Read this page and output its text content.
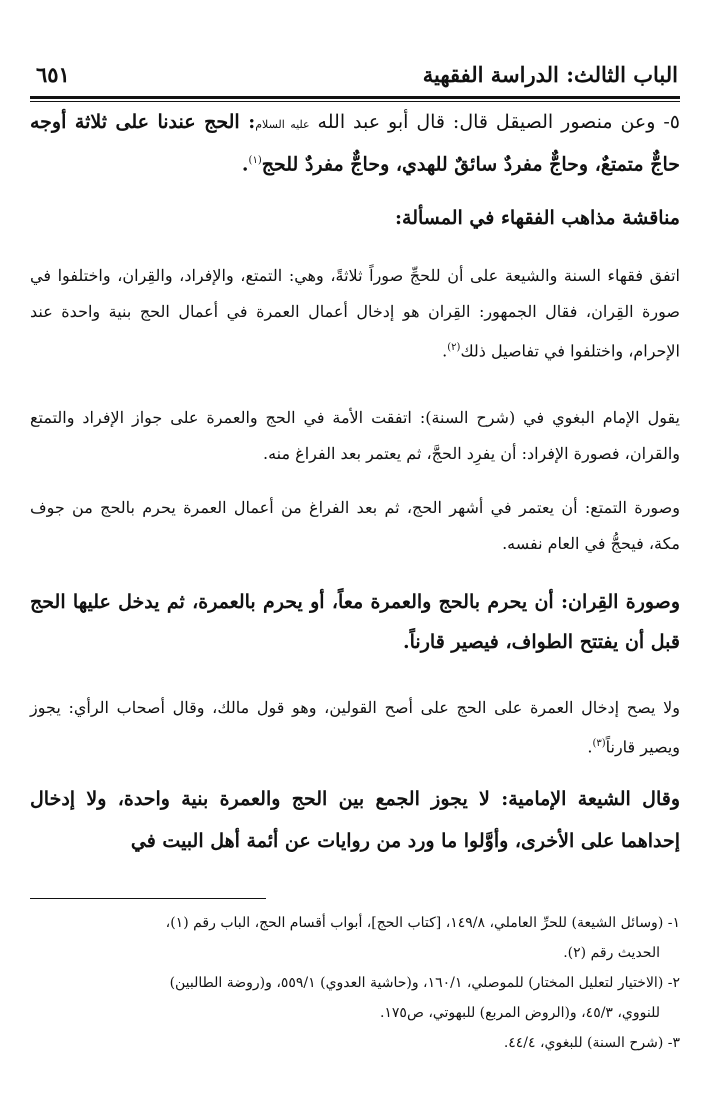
الباب الثالث: الدراسة الفقهية
٦٥١

٥- وعن منصور الصيقل قال: قال أبو عبد الله عليه السلام: الحج عندنا على ثلاثة أوجه حاجٌّ متمتعٌ، وحاجٌّ مفردٌ سائقٌ للهدي، وحاجٌّ مفردٌ للحج$^{(١)}$.

مناقشة مذاهب الفقهاء في المسألة:

اتفق فقهاء السنة والشيعة على أن للحجِّ صوراً ثلاثةً، وهي: التمتع، والإفراد، والقِران، واختلفوا في صورة القِران، فقال الجمهور: القِران هو إدخال أعمال العمرة في أعمال الحج بنية واحدة عند الإحرام، واختلفوا في تفاصيل ذلك$^{(٢)}$.

يقول الإمام البغوي في (شرح السنة): اتفقت الأمة في الحج والعمرة على جواز الإفراد والتمتع والقران، فصورة الإفراد: أن يفرِد الحجَّ، ثم يعتمر بعد الفراغ منه.

وصورة التمتع: أن يعتمر في أشهر الحج، ثم بعد الفراغ من أعمال العمرة يحرم بالحج من جوف مكة، فيحجُّ في العام نفسه.

وصورة القِران: أن يحرم بالحج والعمرة معاً، أو يحرم بالعمرة، ثم يدخل عليها الحج قبل أن يفتتح الطواف، فيصير قارناً.

ولا يصح إدخال العمرة على الحج على أصح القولين، وهو قول مالك، وقال أصحاب الرأي: يجوز ويصير قارناً$^{(٣)}$.

وقال الشيعة الإمامية: لا يجوز الجمع بين الحج والعمرة بنية واحدة، ولا إدخال إحداهما على الأخرى، وأوَّلوا ما ورد من روايات عن أئمة أهل البيت في

١- (وسائل الشيعة) للحرِّ العاملي، ١٤٩/٨، [كتاب الحج]، أبواب أقسام الحج، الباب رقم (١)،
الحديث رقم (٢).
٢- (الاختيار لتعليل المختار) للموصلي، ١٦٠/١، و(حاشية العدوي) ٥٥٩/١، و(روضة الطالبين)
للنووي، ٤٥/٣، و(الروض المربع) للبهوتي، ص١٧٥.
٣- (شرح السنة) للبغوي، ٤٤/٤.
